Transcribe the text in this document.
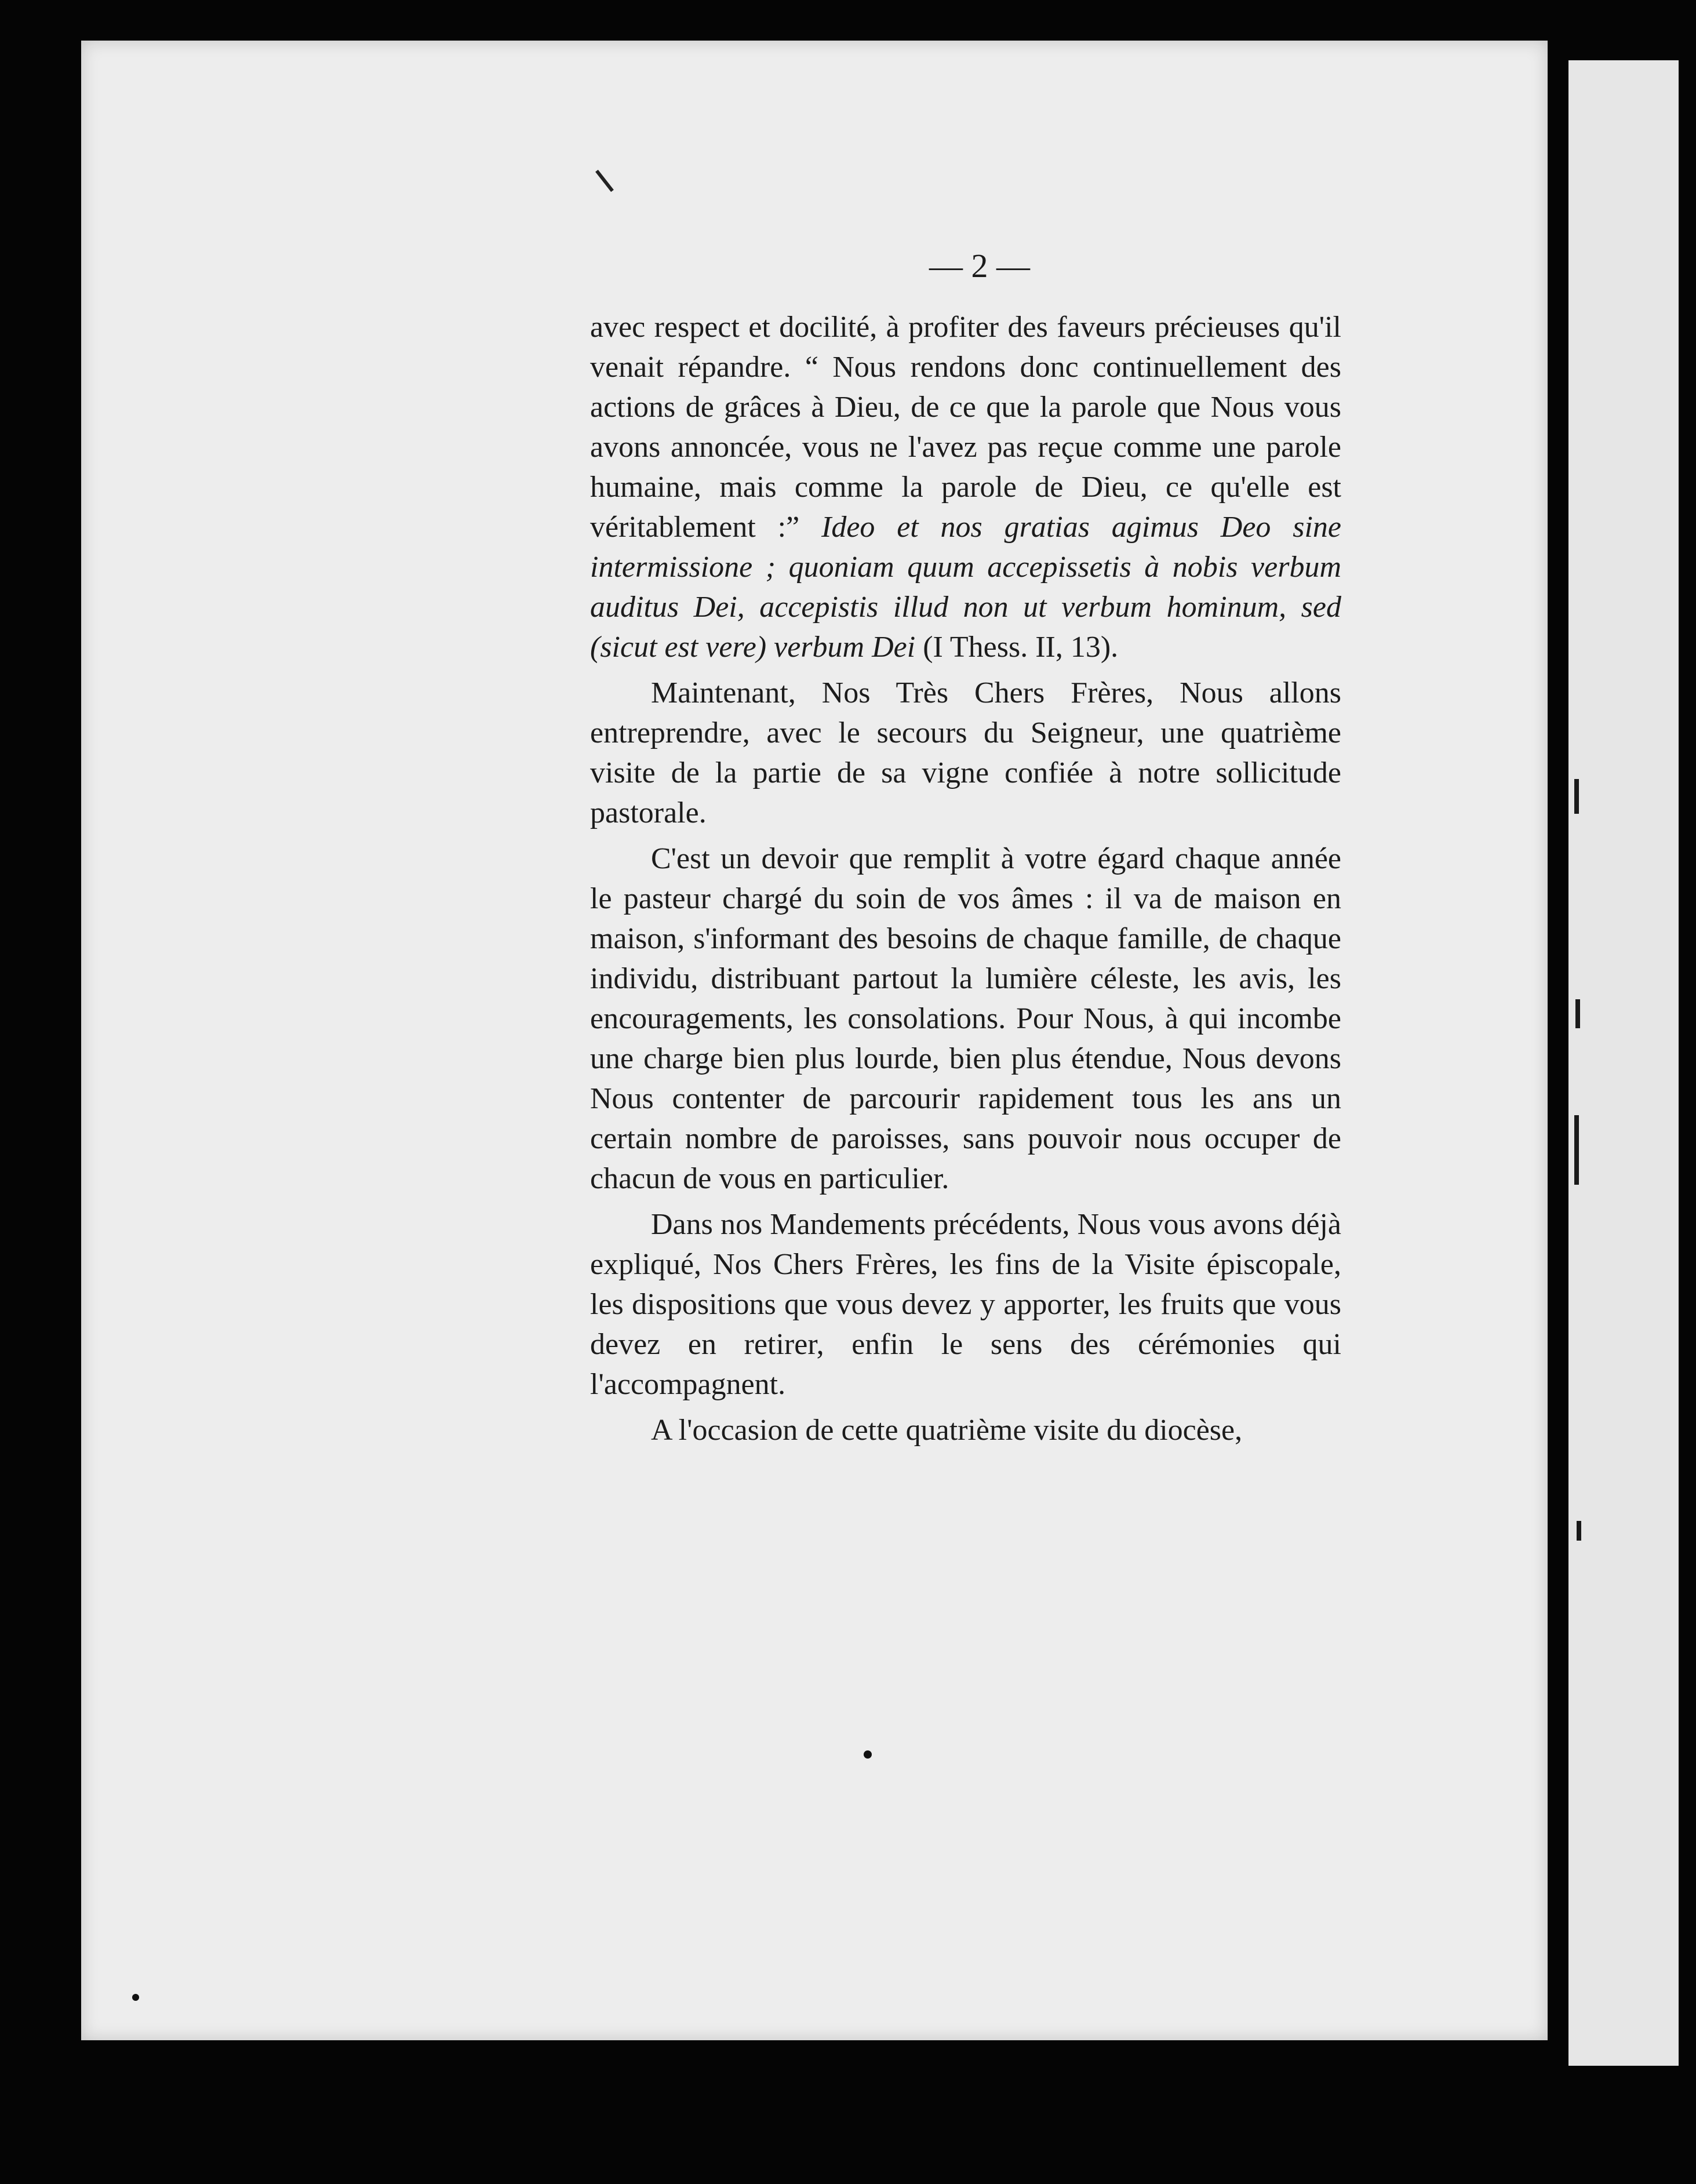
— 2 —

avec respect et docilité, à profiter des faveurs précieuses qu'il venait répandre. “ Nous rendons donc continuellement des actions de grâces à Dieu, de ce que la parole que Nous vous avons annoncée, vous ne l'avez pas reçue comme une parole humaine, mais comme la parole de Dieu, ce qu'elle est véritablement :” Ideo et nos gratias agimus Deo sine intermissione ; quoniam quum accepissetis à nobis verbum auditus Dei, accepistis illud non ut verbum hominum, sed (sicut est vere) verbum Dei (I Thess. II, 13).

Maintenant, Nos Très Chers Frères, Nous allons entreprendre, avec le secours du Seigneur, une quatrième visite de la partie de sa vigne confiée à notre sollicitude pastorale.

C'est un devoir que remplit à votre égard chaque année le pasteur chargé du soin de vos âmes : il va de maison en maison, s'informant des besoins de chaque famille, de chaque individu, distribuant partout la lumière céleste, les avis, les encouragements, les consolations. Pour Nous, à qui incombe une charge bien plus lourde, bien plus étendue, Nous devons Nous contenter de parcourir rapidement tous les ans un certain nombre de paroisses, sans pouvoir nous occuper de chacun de vous en particulier.

Dans nos Mandements précédents, Nous vous avons déjà expliqué, Nos Chers Frères, les fins de la Visite épiscopale, les dispositions que vous devez y apporter, les fruits que vous devez en retirer, enfin le sens des cérémonies qui l'accompagnent.

A l'occasion de cette quatrième visite du diocèse,
